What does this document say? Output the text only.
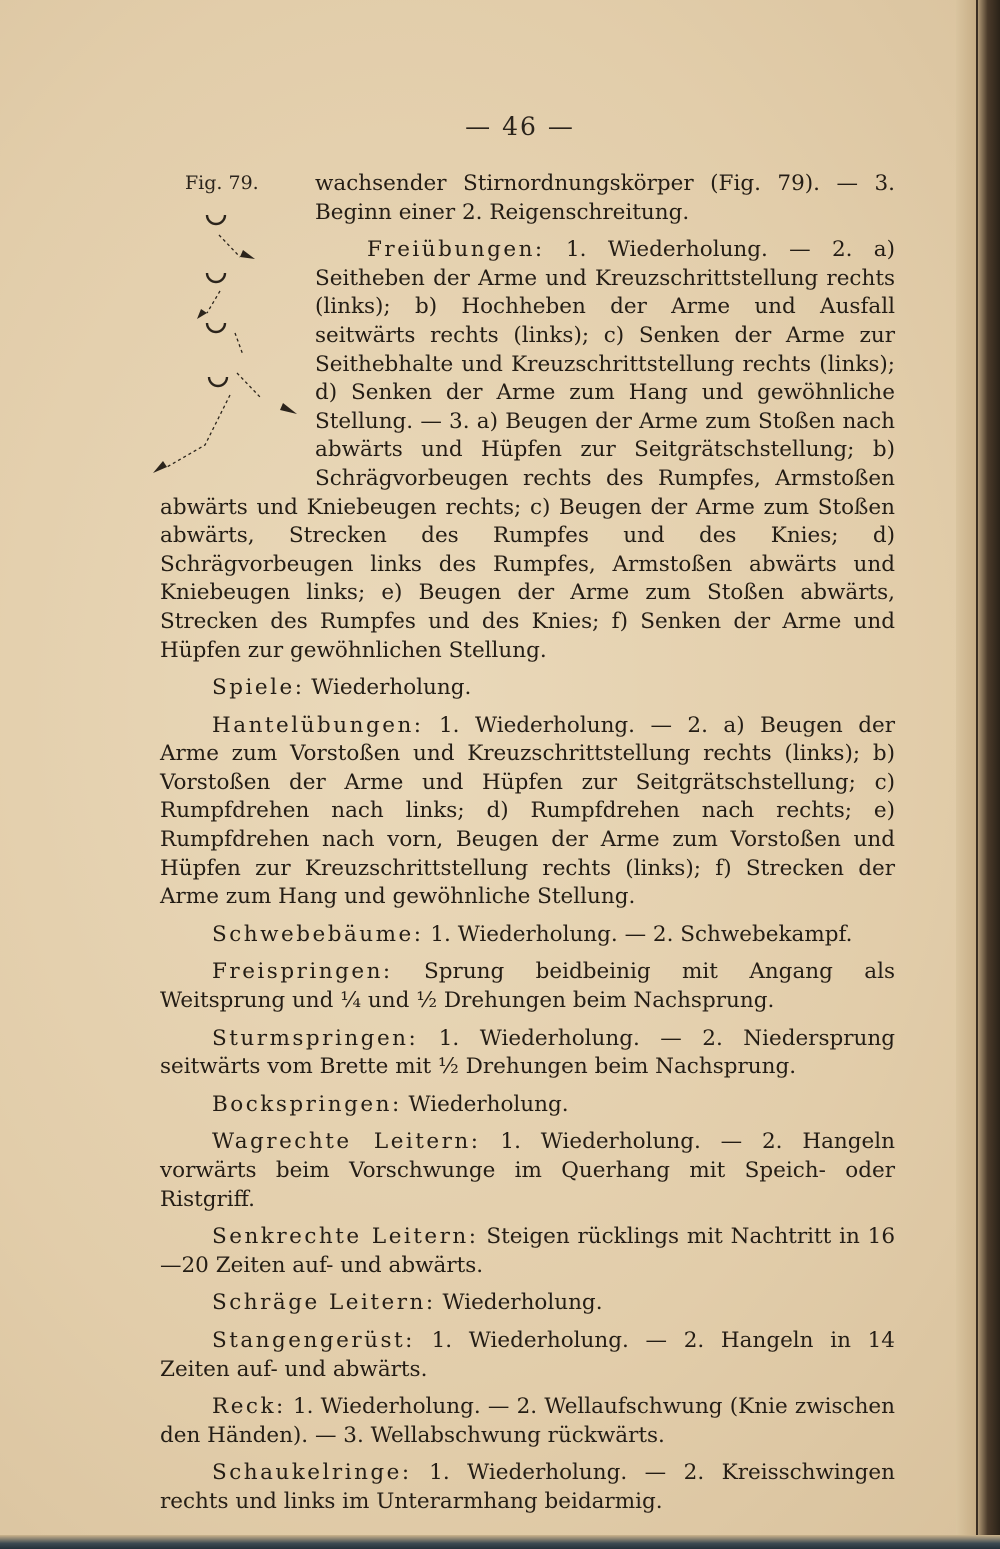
— 46 —
Fig. 79.	wachsender Stirnordnungskörper (Fig. 79). — 3. Beginn einer 2. Reigenschreitung.

Freiübungen: 1. Wiederholung. — 2. a) Seitheben der Arme und Kreuzschrittstellung rechts (links); b) Hochheben der Arme und Ausfall seitwärts rechts (links); c) Senken der Arme zur Seithebhalte und Kreuzschrittstellung rechts (links); d) Senken der Arme zum Hang und gewöhnliche Stellung. — 3. a) Beugen der Arme zum Stoßen nach abwärts und Hüpfen zur Seitgrätschstellung; b) Schrägvorbeugen rechts des Rumpfes, Armstoßen abwärts und Kniebeugen rechts; c) Beugen der Arme zum Stoßen abwärts, Strecken des Rumpfes und des Knies; d) Schrägvorbeugen links des Rumpfes, Armstoßen abwärts und Kniebeugen links; e) Beugen der Arme zum Stoßen abwärts, Strecken des Rumpfes und des Knies; f) Senken der Arme und Hüpfen zur gewöhnlichen Stellung.

Spiele: Wiederholung.

Hantelübungen: 1. Wiederholung. — 2. a) Beugen der Arme zum Vorstoßen und Kreuzschrittstellung rechts (links); b) Vorstoßen der Arme und Hüpfen zur Seitgrätschstellung; c) Rumpfdrehen nach links; d) Rumpfdrehen nach rechts; e) Rumpfdrehen nach vorn, Beugen der Arme zum Vorstoßen und Hüpfen zur Kreuzschrittstellung rechts (links); f) Strecken der Arme zum Hang und gewöhnliche Stellung.

Schwebebäume: 1. Wiederholung. — 2. Schwebekampf.

Freispringen: Sprung beidbeinig mit Angang als Weitsprung und ¼ und ½ Drehungen beim Nachsprung.

Sturmspringen: 1. Wiederholung. — 2. Niedersprung seitwärts vom Brette mit ½ Drehungen beim Nachsprung.

Bockspringen: Wiederholung.

Wagrechte Leitern: 1. Wiederholung. — 2. Hangeln vorwärts beim Vorschwunge im Querhang mit Speich- oder Ristgriff.

Senkrechte Leitern: Steigen rücklings mit Nachtritt in 16—20 Zeiten auf- und abwärts.

Schräge Leitern: Wiederholung.

Stangengerüst: 1. Wiederholung. — 2. Hangeln in 14 Zeiten auf- und abwärts.

Reck: 1. Wiederholung. — 2. Wellaufschwung (Knie zwischen den Händen). — 3. Wellabschwung rückwärts.

Schaukelringe: 1. Wiederholung. — 2. Kreisschwingen rechts und links im Unterarmhang beidarmig.
